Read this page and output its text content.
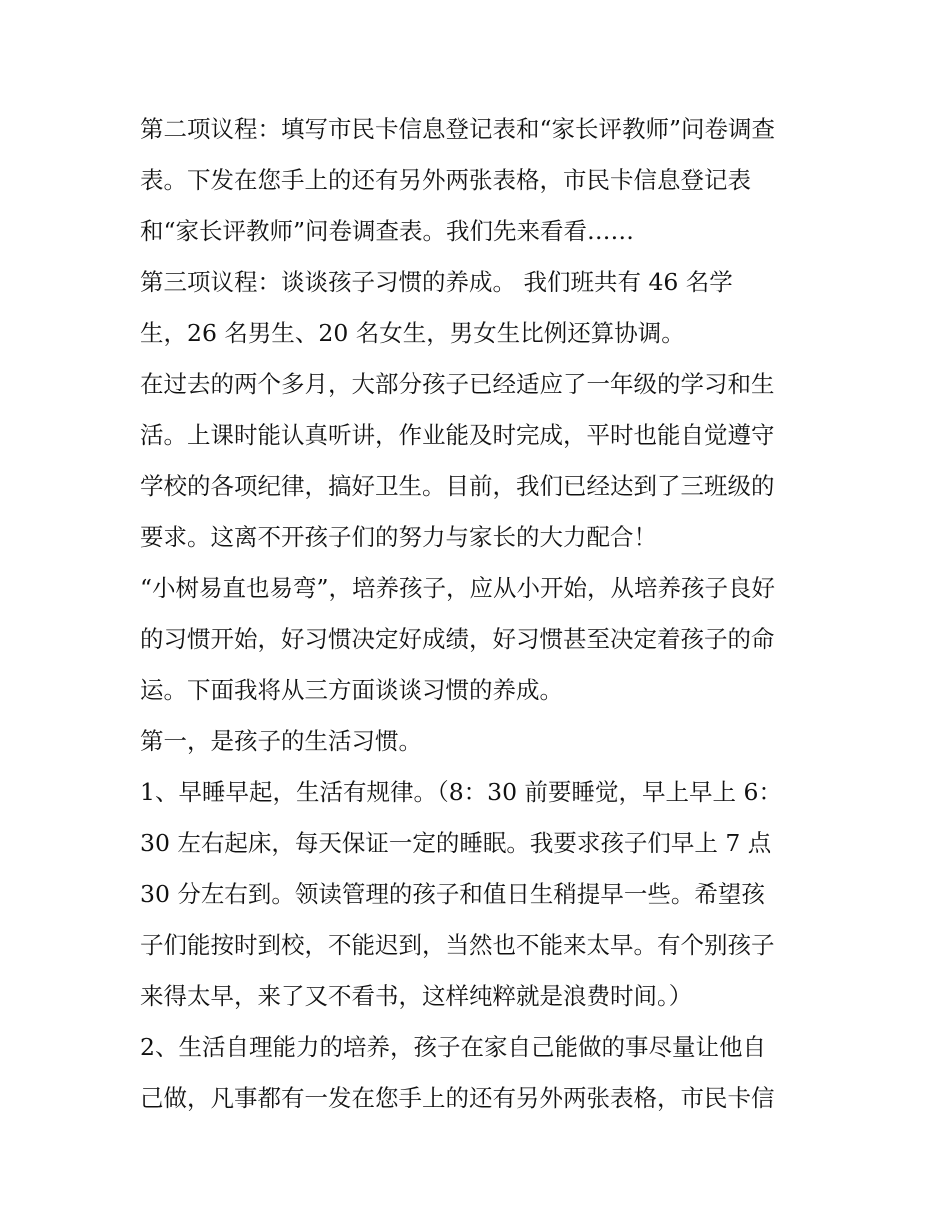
第二项议程：填写市民卡信息登记表和“家长评教师”问卷调查
表。下发在您手上的还有另外两张表格，市民卡信息登记表
和“家长评教师”问卷调查表。我们先来看看……
第三项议程：谈谈孩子习惯的养成。 我们班共有 46 名学
生，26 名男生、20 名女生，男女生比例还算协调。
在过去的两个多月，大部分孩子已经适应了一年级的学习和生
活。上课时能认真听讲，作业能及时完成，平时也能自觉遵守
学校的各项纪律，搞好卫生。目前，我们已经达到了三班级的
要求。这离不开孩子们的努力与家长的大力配合！
“小树易直也易弯”，培养孩子，应从小开始，从培养孩子良好
的习惯开始，好习惯决定好成绩，好习惯甚至决定着孩子的命
运。下面我将从三方面谈谈习惯的养成。
第一，是孩子的生活习惯。
1、早睡早起，生活有规律。（8：30 前要睡觉，早上早上 6：
30 左右起床，每天保证一定的睡眠。我要求孩子们早上 7 点
30 分左右到。领读管理的孩子和值日生稍提早一些。希望孩
子们能按时到校，不能迟到，当然也不能来太早。有个别孩子
来得太早，来了又不看书，这样纯粹就是浪费时间。）
2、生活自理能力的培养，孩子在家自己能做的事尽量让他自
己做，凡事都有一发在您手上的还有另外两张表格，市民卡信
